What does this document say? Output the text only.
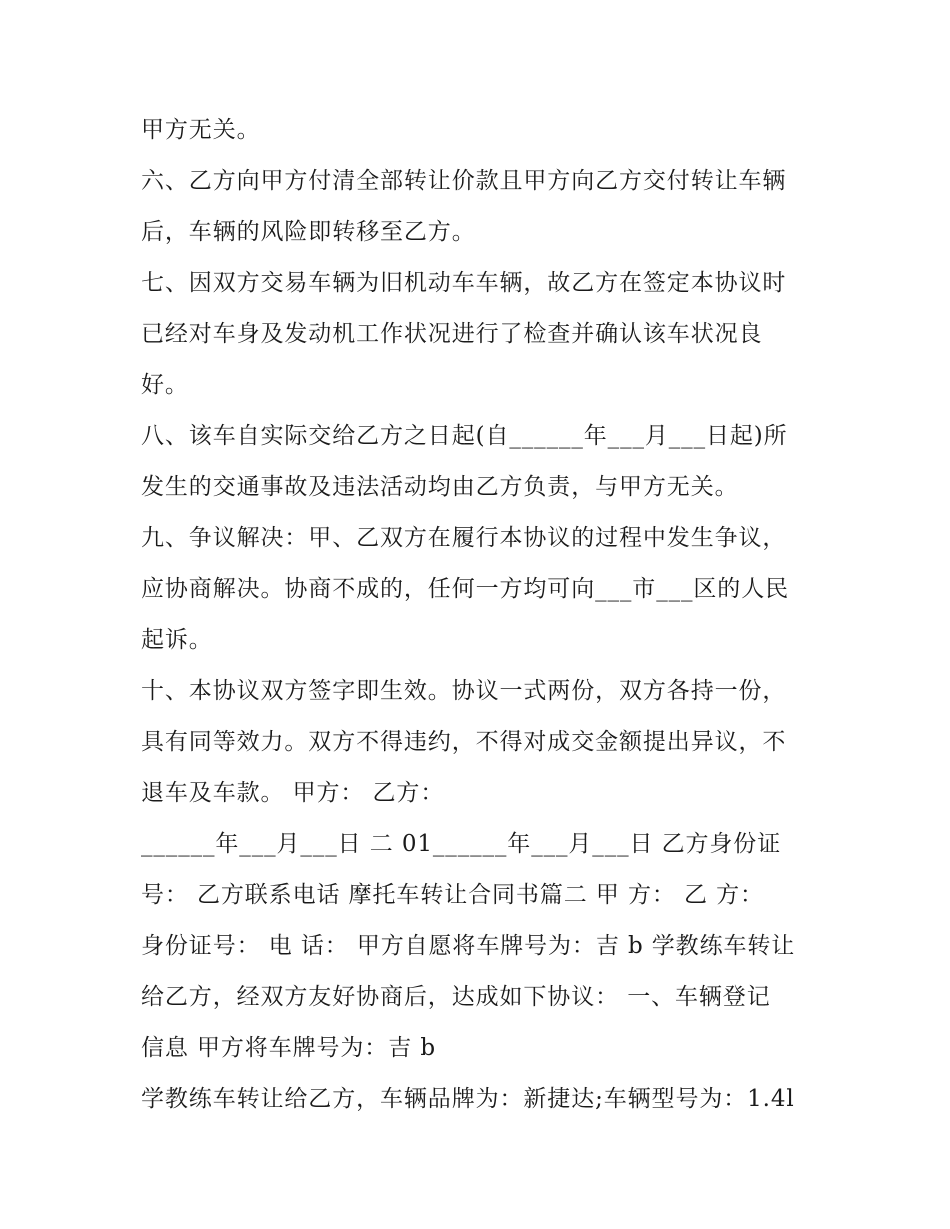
甲方无关。
六、乙方向甲方付清全部转让价款且甲方向乙方交付转让车辆
后，车辆的风险即转移至乙方。
七、因双方交易车辆为旧机动车车辆，故乙方在签定本协议时
已经对车身及发动机工作状况进行了检查并确认该车状况良
好。
八、该车自实际交给乙方之日起(自______年___月___日起)所
发生的交通事故及违法活动均由乙方负责，与甲方无关。
九、争议解决：甲、乙双方在履行本协议的过程中发生争议，
应协商解决。协商不成的，任何一方均可向___市___区的人民
起诉。
十、本协议双方签字即生效。协议一式两份，双方各持一份，
具有同等效力。双方不得违约，不得对成交金额提出异议，不
退车及车款。 甲方： 乙方：
______年___月___日 二 01______年___月___日 乙方身份证
号： 乙方联系电话 摩托车转让合同书篇二 甲 方： 乙 方：
身份证号： 电 话： 甲方自愿将车牌号为：吉 b 学教练车转让
给乙方，经双方友好协商后，达成如下协议： 一、车辆登记
信息 甲方将车牌号为：吉 b
学教练车转让给乙方，车辆品牌为：新捷达;车辆型号为：1.4l
